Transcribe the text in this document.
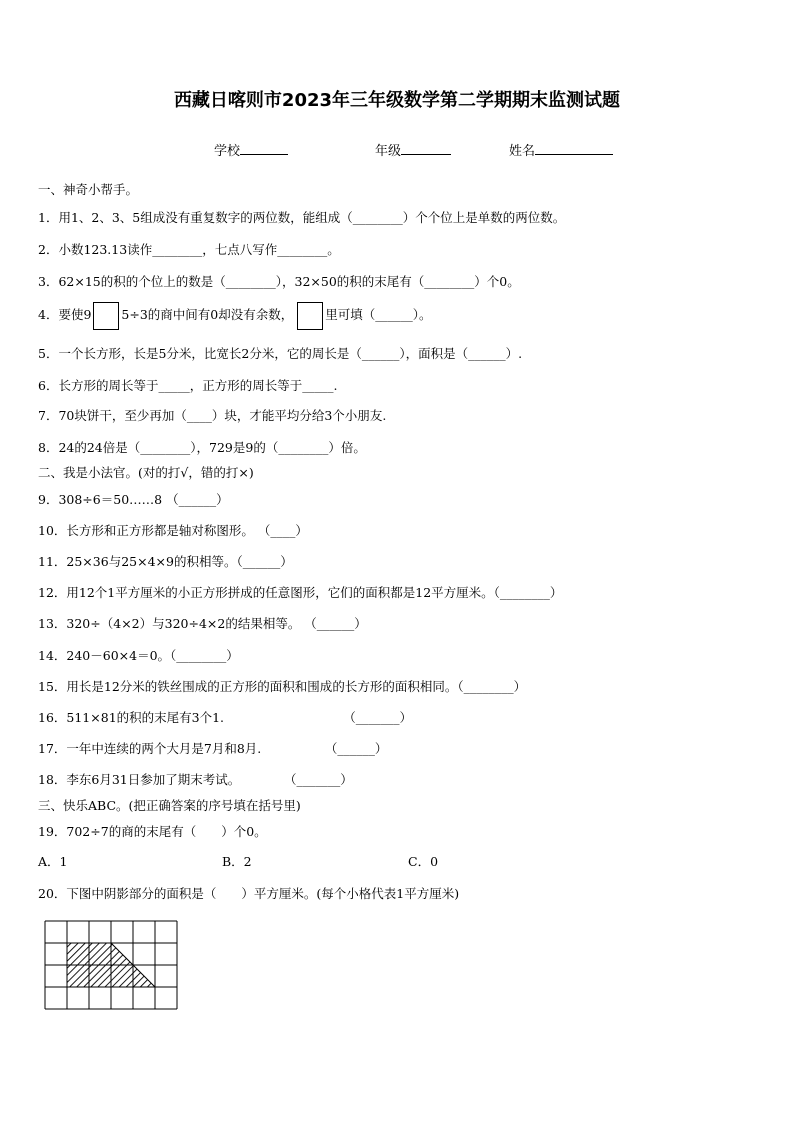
西藏日喀则市2023年三年级数学第二学期期末监测试题
学校	年级	姓名
一、神奇小帮手。
1．用1、2、3、5组成没有重复数字的两位数，能组成（________）个个位上是单数的两位数。
2．小数123.13读作________，七点八写作________。
3．62×15的积的个位上的数是（________），32×50的积的末尾有（________）个0。
4．要使9 5÷3的商中间有0却没有余数，	里可填（______）。
5．一个长方形，长是5分米，比宽长2分米，它的周长是（______），面积是（______）.
6．长方形的周长等于_____，正方形的周长等于_____.
7．70块饼干，至少再加（____）块，才能平均分给3个小朋友.
8．24的24倍是（________），729是9的（________）倍。
二、我是小法官。(对的打√，错的打×)
9．308÷6＝50……8 （______）
10．长方形和正方形都是轴对称图形。 （____）
11．25×36与25×4×9的积相等。（______）
12．用12个1平方厘米的小正方形拼成的任意图形，它们的面积都是12平方厘米。（________）
13．320÷（4×2）与320÷4×2的结果相等。 （______）
14．240－60×4＝0。（________）
15．用长是12分米的铁丝围成的正方形的面积和围成的长方形的面积相同。（________）
16．511×81的积的末尾有3个1.                              （_______）
17．一年中连续的两个大月是7月和8月.                （______）
18．李东6月31日参加了期末考试。           （_______）
三、快乐ABC。(把正确答案的序号填在括号里)
19．702÷7的商的末尾有（　　）个0。
A．1	B．2	C．0
20．下图中阴影部分的面积是（　　）平方厘米。(每个小格代表1平方厘米)
